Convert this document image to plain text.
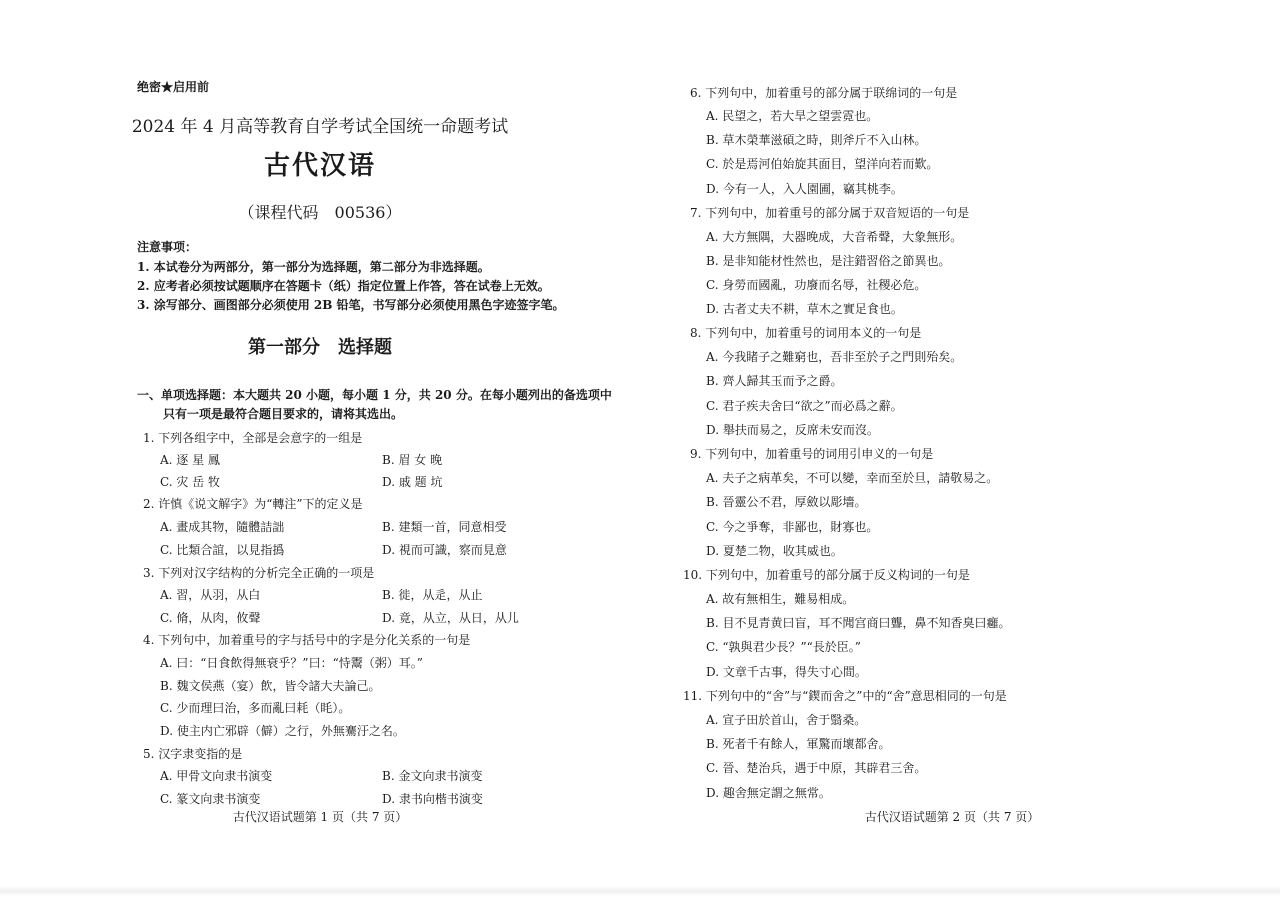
绝密★启用前
2024 年 4 月高等教育自学考试全国统一命题考试
古代汉语
（课程代码　00536）
注意事项：
1. 本试卷分为两部分，第一部分为选择题，第二部分为非选择题。
2. 应考者必须按试题顺序在答题卡（纸）指定位置上作答，答在试卷上无效。
3. 涂写部分、画图部分必须使用 2B 铅笔，书写部分必须使用黑色字迹签字笔。
第一部分　选择题
一、单项选择题：本大题共 20 小题，每小题 1 分，共 20 分。在每小题列出的备选项中
只有一项是最符合题目要求的，请将其选出。
1. 下列各组字中，全部是会意字的一组是
A. 逐 星 鳳	B. 眉 女 晚
C. 灾 岳 牧	D. 戚 题 坑
2. 许慎《说文解字》为“轉注”下的定义是
A. 畫成其物，隨體詰詘	B. 建類一首，同意相受
C. 比類合誼，以見指撝	D. 視而可識，察而見意
3. 下列对汉字结构的分析完全正确的一项是
A. 習，从羽，从白	B. 徙，从辵，从止
C. 脩，从肉，攸聲	D. 竟，从立，从日，从儿
4. 下列句中，加着重号的字与括号中的字是分化关系的一句是
A. 曰：“日食飲得無衰乎？”曰：“恃鬻（粥）耳。”
B. 魏文侯燕（宴）飲，皆令諸大夫論己。
C. 少而理曰治，多而亂曰耗（眊）。
D. 使主内亡邪辟（僻）之行，外無騫汙之名。
5. 汉字隶变指的是
A. 甲骨文向隶书演变	B. 金文向隶书演变
C. 篆文向隶书演变	D. 隶书向楷书演变
古代汉语试题第 1 页（共 7 页）
6. 下列句中，加着重号的部分属于联绵词的一句是
A. 民望之，若大旱之望雲霓也。
B. 草木榮華滋碩之時，則斧斤不入山林。
C. 於是焉河伯始旋其面目，望洋向若而歎。
D. 今有一人，入人園圃，竊其桃李。
7. 下列句中，加着重号的部分属于双音短语的一句是
A. 大方無隅，大器晚成，大音希聲，大象無形。
B. 是非知能材性然也，是注錯習俗之節異也。
C. 身勞而國亂，功廢而名辱，社稷必危。
D. 古者丈夫不耕，草木之實足食也。
8. 下列句中，加着重号的词用本义的一句是
A. 今我睹子之難窮也，吾非至於子之門則殆矣。
B. 齊人歸其玉而予之爵。
C. 君子疾夫舍曰“欲之”而必爲之辭。
D. 舉扶而易之，反席未安而沒。
9. 下列句中，加着重号的词用引申义的一句是
A. 夫子之病革矣，不可以變，幸而至於旦，請敬易之。
B. 晉靈公不君，厚斂以彫墻。
C. 今之爭奪，非鄙也，財寡也。
D. 夏楚二物，收其威也。
10. 下列句中，加着重号的部分属于反义构词的一句是
A. 故有無相生，難易相成。
B. 目不見青黄曰盲，耳不聞宫商曰聾，鼻不知香臭曰癰。
C. “孰與君少長？”“長於臣。”
D. 文章千古事，得失寸心間。
11. 下列句中的“舍”与“鍥而舍之”中的“舍”意思相同的一句是
A. 宣子田於首山，舍于翳桑。
B. 死者千有餘人，軍驚而壞都舍。
C. 晉、楚治兵，遇于中原，其辟君三舍。
D. 趣舍無定謂之無常。
古代汉语试题第 2 页（共 7 页）
